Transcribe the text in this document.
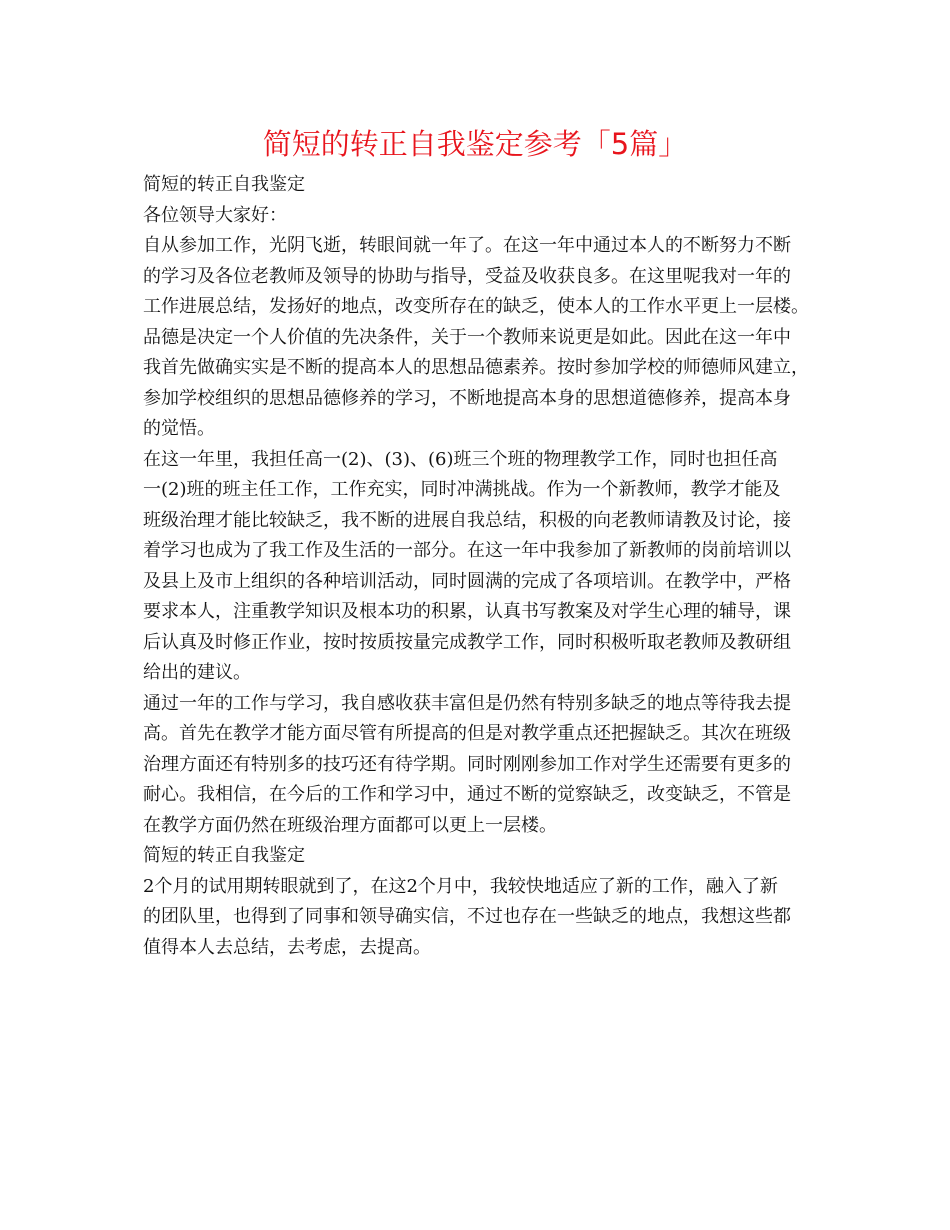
简短的转正自我鉴定参考「5篇」
简短的转正自我鉴定
各位领导大家好：
自从参加工作，光阴飞逝，转眼间就一年了。在这一年中通过本人的不断努力不断
的学习及各位老教师及领导的协助与指导，受益及收获良多。在这里呢我对一年的
工作进展总结，发扬好的地点，改变所存在的缺乏，使本人的工作水平更上一层楼。
品德是决定一个人价值的先决条件，关于一个教师来说更是如此。因此在这一年中
我首先做确实实是不断的提高本人的思想品德素养。按时参加学校的师德师风建立，
参加学校组织的思想品德修养的学习，不断地提高本身的思想道德修养，提高本身
的觉悟。
在这一年里，我担任高一(2)、(3)、(6)班三个班的物理教学工作，同时也担任高
一(2)班的班主任工作，工作充实，同时冲满挑战。作为一个新教师，教学才能及
班级治理才能比较缺乏，我不断的进展自我总结，积极的向老教师请教及讨论，接
着学习也成为了我工作及生活的一部分。在这一年中我参加了新教师的岗前培训以
及县上及市上组织的各种培训活动，同时圆满的完成了各项培训。在教学中，严格
要求本人，注重教学知识及根本功的积累，认真书写教案及对学生心理的辅导，课
后认真及时修正作业，按时按质按量完成教学工作，同时积极听取老教师及教研组
给出的建议。
通过一年的工作与学习，我自感收获丰富但是仍然有特别多缺乏的地点等待我去提
高。首先在教学才能方面尽管有所提高的但是对教学重点还把握缺乏。其次在班级
治理方面还有特别多的技巧还有待学期。同时刚刚参加工作对学生还需要有更多的
耐心。我相信，在今后的工作和学习中，通过不断的觉察缺乏，改变缺乏，不管是
在教学方面仍然在班级治理方面都可以更上一层楼。
简短的转正自我鉴定
2个月的试用期转眼就到了，在这2个月中，我较快地适应了新的工作，融入了新
的团队里，也得到了同事和领导确实信，不过也存在一些缺乏的地点，我想这些都
值得本人去总结，去考虑，去提高。
